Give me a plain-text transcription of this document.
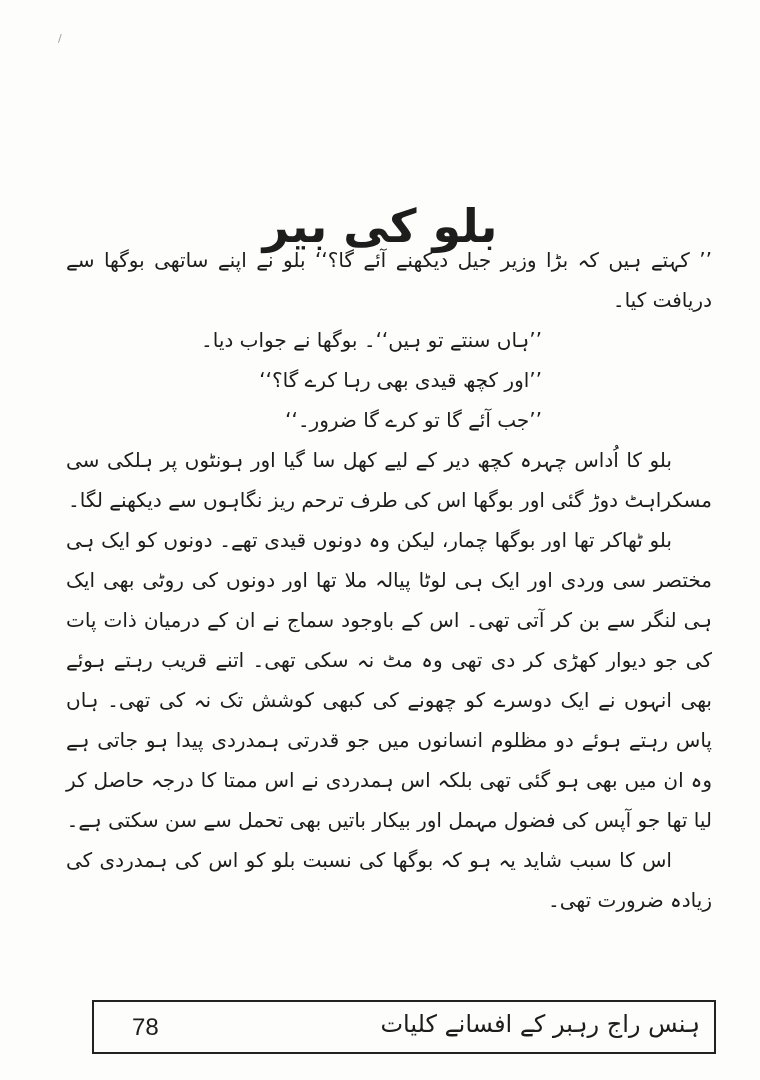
/
بلو کی بیر

’’ کہتے ہیں کہ بڑا وزیر جیل دیکھنے آئے گا؟‘‘ بلو نے اپنے ساتھی بوگھا سے دریافت کیا۔

’’ہاں سنتے تو ہیں‘‘۔ بوگھا نے جواب دیا۔

’’اور کچھ قیدی بھی رہا کرے گا؟‘‘

’’جب آئے گا تو کرے گا ضرور۔‘‘

بلو کا اُداس چہرہ کچھ دیر کے لیے کھل سا گیا اور ہونٹوں پر ہلکی سی مسکراہٹ دوڑ گئی اور بوگھا اس کی طرف ترحم ریز نگاہوں سے دیکھنے لگا۔

بلو ٹھاکر تھا اور بوگھا چمار، لیکن وہ دونوں قیدی تھے۔ دونوں کو ایک ہی مختصر سی وردی اور ایک ہی لوٹا پیالہ ملا تھا اور دونوں کی روٹی بھی ایک ہی لنگر سے بن کر آتی تھی۔ اس کے باوجود سماج نے ان کے درمیان ذات پات کی جو دیوار کھڑی کر دی تھی وہ مٹ نہ سکی تھی۔ اتنے قریب رہتے ہوئے بھی انہوں نے ایک دوسرے کو چھونے کی کبھی کوشش تک نہ کی تھی۔ ہاں پاس رہتے ہوئے دو مظلوم انسانوں میں جو قدرتی ہمدردی پیدا ہو جاتی ہے وہ ان میں بھی ہو گئی تھی بلکہ اس ہمدردی نے اس ممتا کا درجہ حاصل کر لیا تھا جو آپس کی فضول مہمل اور بیکار باتیں بھی تحمل سے سن سکتی ہے۔

اس کا سبب شاید یہ ہو کہ بوگھا کی نسبت بلو کو اس کی ہمدردی کی زیادہ ضرورت تھی۔

ہنس راج رہبر کے افسانے کلیات
78
